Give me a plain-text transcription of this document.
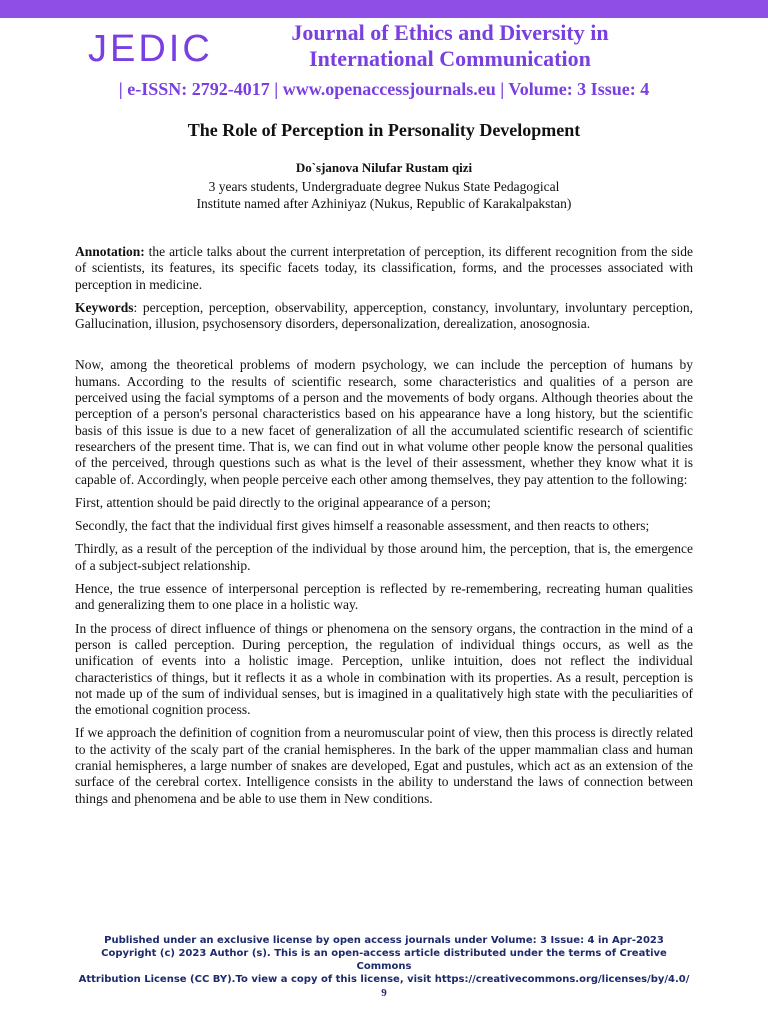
JEDIC	Journal of Ethics and Diversity in International Communication
| e-ISSN: 2792-4017 | www.openaccessjournals.eu | Volume: 3 Issue: 4
The Role of Perception in Personality Development
Do`sjanova Nilufar Rustam qizi
3 years students, Undergraduate degree Nukus State Pedagogical
Institute named after Azhiniyaz (Nukus, Republic of Karakalpakstan)

Annotation: the article talks about the current interpretation of perception, its different recognition from the side of scientists, its features, its specific facets today, its classification, forms, and the processes associated with perception in medicine.

Keywords: perception, perception, observability, apperception, constancy, involuntary, involuntary perception, Gallucination, illusion, psychosensory disorders, depersonalization, derealization, anosognosia.

Now, among the theoretical problems of modern psychology, we can include the perception of humans by humans. According to the results of scientific research, some characteristics and qualities of a person are perceived using the facial symptoms of a person and the movements of body organs. Although theories about the perception of a person's personal characteristics based on his appearance have a long history, but the scientific basis of this issue is due to a new facet of generalization of all the accumulated scientific research of scientific researchers of the present time. That is, we can find out in what volume other people know the personal qualities of the perceived, through questions such as what is the level of their assessment, whether they know what it is capable of. Accordingly, when people perceive each other among themselves, they pay attention to the following:

First, attention should be paid directly to the original appearance of a person;

Secondly, the fact that the individual first gives himself a reasonable assessment, and then reacts to others;

Thirdly, as a result of the perception of the individual by those around him, the perception, that is, the emergence of a subject-subject relationship.

Hence, the true essence of interpersonal perception is reflected by re-remembering, recreating human qualities and generalizing them to one place in a holistic way.

In the process of direct influence of things or phenomena on the sensory organs, the contraction in the mind of a person is called perception. During perception, the regulation of individual things occurs, as well as the unification of events into a holistic image. Perception, unlike intuition, does not reflect the individual characteristics of things, but it reflects it as a whole in combination with its properties. As a result, perception is not made up of the sum of individual senses, but is imagined in a qualitatively high state with the peculiarities of the emotional cognition process.

If we approach the definition of cognition from a neuromuscular point of view, then this process is directly related to the activity of the scaly part of the cranial hemispheres. In the bark of the upper mammalian class and human cranial hemispheres, a large number of snakes are developed, Egat and pustules, which act as an extension of the surface of the cerebral cortex. Intelligence consists in the ability to understand the laws of connection between things and phenomena and be able to use them in New conditions.

Published under an exclusive license by open access journals under Volume: 3 Issue: 4 in Apr-2023
Copyright (c) 2023 Author (s). This is an open-access article distributed under the terms of Creative Commons
Attribution License (CC BY).To view a copy of this license, visit https://creativecommons.org/licenses/by/4.0/
9
